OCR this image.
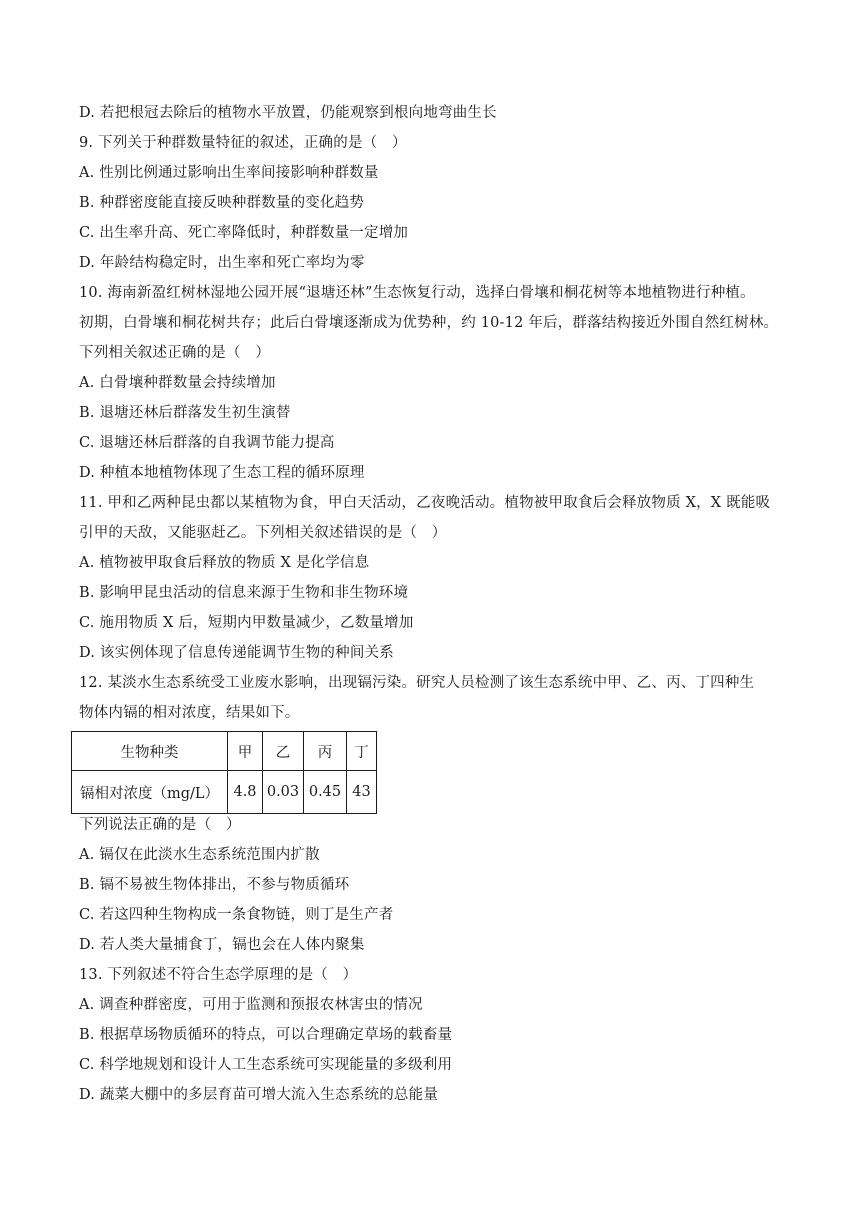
D. 若把根冠去除后的植物水平放置，仍能观察到根向地弯曲生长
9. 下列关于种群数量特征的叙述，正确的是（　）
A. 性别比例通过影响出生率间接影响种群数量
B. 种群密度能直接反映种群数量的变化趋势
C. 出生率升高、死亡率降低时，种群数量一定增加
D. 年龄结构稳定时，出生率和死亡率均为零
10. 海南新盈红树林湿地公园开展“退塘还林”生态恢复行动，选择白骨壤和桐花树等本地植物进行种植。
初期，白骨壤和桐花树共存；此后白骨壤逐渐成为优势种，约 10-12 年后，群落结构接近外围自然红树林。
下列相关叙述正确的是（　）
A. 白骨壤种群数量会持续增加
B. 退塘还林后群落发生初生演替
C. 退塘还林后群落的自我调节能力提高
D. 种植本地植物体现了生态工程的循环原理
11. 甲和乙两种昆虫都以某植物为食，甲白天活动，乙夜晚活动。植物被甲取食后会释放物质 X，X 既能吸
引甲的天敌，又能驱赶乙。下列相关叙述错误的是（　）
A. 植物被甲取食后释放的物质 X 是化学信息
B. 影响甲昆虫活动的信息来源于生物和非生物环境
C. 施用物质 X 后，短期内甲数量减少，乙数量增加
D. 该实例体现了信息传递能调节生物的种间关系
12. 某淡水生态系统受工业废水影响，出现镉污染。研究人员检测了该生态系统中甲、乙、丙、丁四种生
物体内镉的相对浓度，结果如下。
生物种类	甲	乙	丙	丁
镉相对浓度（mg/L）	4.8	0.03	0.45	43
下列说法正确的是（　）
A. 镉仅在此淡水生态系统范围内扩散
B. 镉不易被生物体排出，不参与物质循环
C. 若这四种生物构成一条食物链，则丁是生产者
D. 若人类大量捕食丁，镉也会在人体内聚集
13. 下列叙述不符合生态学原理的是（　）
A. 调查种群密度，可用于监测和预报农林害虫的情况
B. 根据草场物质循环的特点，可以合理确定草场的载畜量
C. 科学地规划和设计人工生态系统可实现能量的多级利用
D. 蔬菜大棚中的多层育苗可增大流入生态系统的总能量
